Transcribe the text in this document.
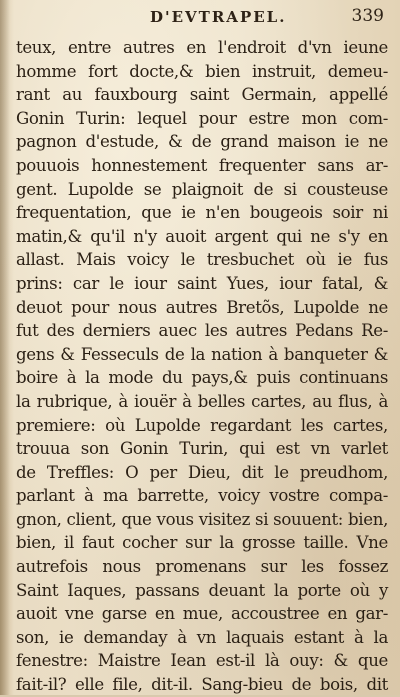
D'EVTRAPEL.	339
teux, entre autres en l'endroit d'vn ieune
homme fort docte,& bien instruit, demeu-
rant au fauxbourg saint Germain, appellé
Gonin Turin: lequel pour estre mon com-
pagnon d'estude, & de grand maison ie ne
pouuois honnestement frequenter sans ar-
gent. Lupolde se plaignoit de si cousteuse
frequentation, que ie n'en bougeois soir ni
matin,& qu'il n'y auoit argent qui ne s'y en
allast. Mais voicy le tresbuchet où ie fus
prins: car le iour saint Yues, iour fatal, &
deuot pour nous autres Bretõs, Lupolde ne
fut des derniers auec les autres Pedans Re-
gens & Fesseculs de la nation à banqueter &
boire à la mode du pays,& puis continuans
la rubrique, à iouër à belles cartes, au flus, à
premiere: où Lupolde regardant les cartes,
trouua son Gonin Turin, qui est vn varlet
de Treffles: O per Dieu, dit le preudhom,
parlant à ma barrette, voicy vostre compa-
gnon, client, que vous visitez si souuent: bien,
bien, il faut cocher sur la grosse taille. Vne
autrefois nous promenans sur les fossez
Saint Iaques, passans deuant la porte où y
auoit vne garse en mue, accoustree en gar-
son, ie demanday à vn laquais estant à la
fenestre: Maistre Iean est-il là ouy: & que
fait-il? elle file, dit-il. Sang-bieu de bois, dit
